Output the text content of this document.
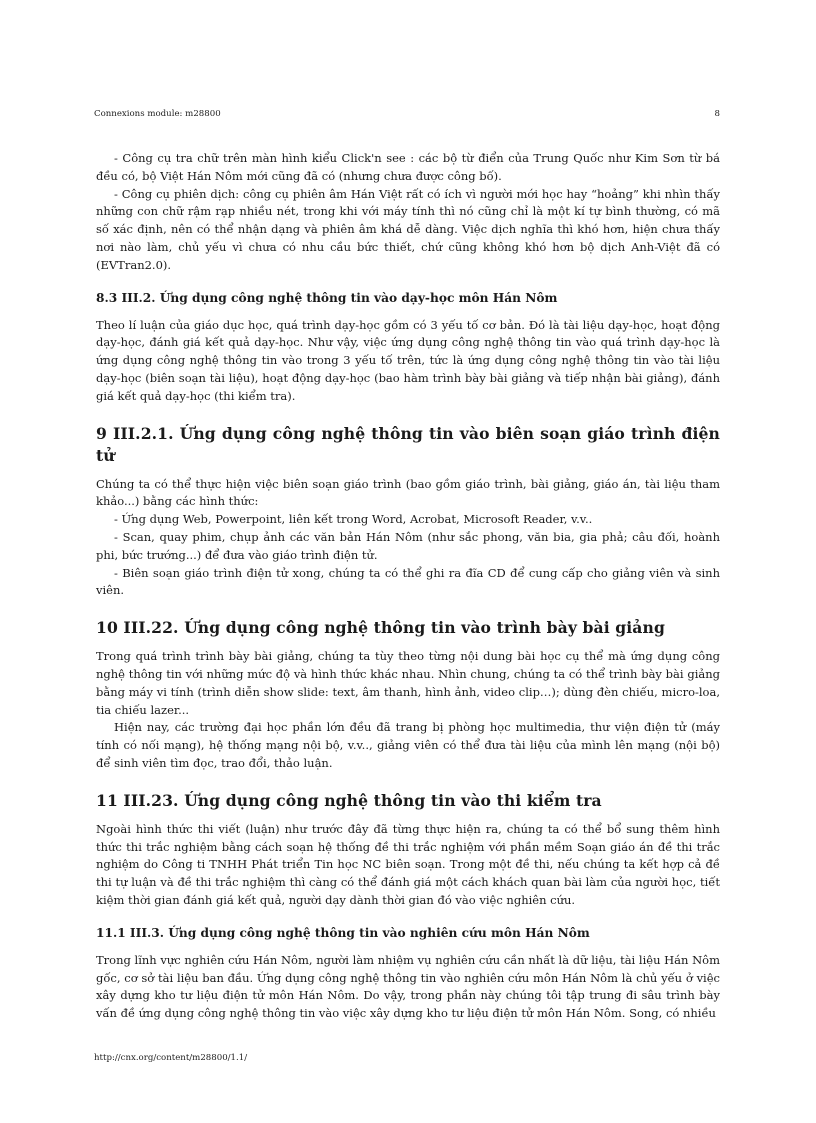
Connexions module: m28800	8

- Công cụ tra chữ trên màn hình kiểu Click'n see : các bộ từ điển của Trung Quốc như Kim Sơn từ bá đều có, bộ Việt Hán Nôm mới cũng đã có (nhưng chưa được công bố).

- Công cụ phiên dịch: công cụ phiên âm Hán Việt rất có ích vì người mới học hay “hoảng” khi nhìn thấy những con chữ rậm rạp nhiều nét, trong khi với máy tính thì nó cũng chỉ là một kí tự bình thường, có mã số xác định, nên có thể nhận dạng và phiên âm khá dễ dàng. Việc dịch nghĩa thì khó hơn, hiện chưa thấy nơi nào làm, chủ yếu vì chưa có nhu cầu bức thiết, chứ cũng không khó hơn bộ dịch Anh-Việt đã có (EVTran2.0).

8.3 III.2. Ứng dụng công nghệ thông tin vào dạy-học môn Hán Nôm

Theo lí luận của giáo dục học, quá trình dạy-học gồm có 3 yếu tố cơ bản. Đó là tài liệu dạy-học, hoạt động dạy-học, đánh giá kết quả dạy-học. Như vậy, việc ứng dụng công nghệ thông tin vào quá trình dạy-học là ứng dụng công nghệ thông tin vào trong 3 yếu tố trên, tức là ứng dụng công nghệ thông tin vào tài liệu dạy-học (biên soạn tài liệu), hoạt động dạy-học (bao hàm trình bày bài giảng và tiếp nhận bài giảng), đánh giá kết quả dạy-học (thi kiểm tra).

9 III.2.1. Ứng dụng công nghệ thông tin vào biên soạn giáo trình điện tử

Chúng ta có thể thực hiện việc biên soạn giáo trình (bao gồm giáo trình, bài giảng, giáo án, tài liệu tham khảo...) bằng các hình thức:

- Ứng dụng Web, Powerpoint, liên kết trong Word, Acrobat, Microsoft Reader, v.v..

- Scan, quay phim, chụp ảnh các văn bản Hán Nôm (như sắc phong, văn bia, gia phả; câu đối, hoành phi, bức trướng...) để đưa vào giáo trình điện tử.

- Biên soạn giáo trình điện tử xong, chúng ta có thể ghi ra đĩa CD để cung cấp cho giảng viên và sinh viên.

10 III.22. Ứng dụng công nghệ thông tin vào trình bày bài giảng

Trong quá trình trình bày bài giảng, chúng ta tùy theo từng nội dung bài học cụ thể mà ứng dụng công nghệ thông tin với những mức độ và hình thức khác nhau. Nhìn chung, chúng ta có thể trình bày bài giảng bằng máy vi tính (trình diễn show slide: text, âm thanh, hình ảnh, video clip…); dùng đèn chiếu, micro-loa, tia chiếu lazer...

Hiện nay, các trường đại học phần lớn đều đã trang bị phòng học multimedia, thư viện điện tử (máy tính có nối mạng), hệ thống mạng nội bộ, v.v.., giảng viên có thể đưa tài liệu của mình lên mạng (nội bộ) để sinh viên tìm đọc, trao đổi, thảo luận.

11 III.23. Ứng dụng công nghệ thông tin vào thi kiểm tra

Ngoài hình thức thi viết (luận) như trước đây đã từng thực hiện ra, chúng ta có thể bổ sung thêm hình thức thi trắc nghiệm bằng cách soạn hệ thống đề thi trắc nghiệm với phần mềm Soạn giáo án đề thi trắc nghiệm do Công ti TNHH Phát triển Tin học NC biên soạn. Trong một đề thi, nếu chúng ta kết hợp cả đề thi tự luận và đề thi trắc nghiệm thì càng có thể đánh giá một cách khách quan bài làm của người học, tiết kiệm thời gian đánh giá kết quả, người dạy dành thời gian đó vào việc nghiên cứu.

11.1 III.3. Ứng dụng công nghệ thông tin vào nghiên cứu môn Hán Nôm

Trong lĩnh vực nghiên cứu Hán Nôm, người làm nhiệm vụ nghiên cứu cần nhất là dữ liệu, tài liệu Hán Nôm gốc, cơ sở tài liệu ban đầu. Ứng dụng công nghệ thông tin vào nghiên cứu môn Hán Nôm là chủ yếu ở việc xây dựng kho tư liệu điện tử môn Hán Nôm. Do vậy, trong phần này chúng tôi tập trung đi sâu trình bày vấn đề ứng dụng công nghệ thông tin vào việc xây dựng kho tư liệu điện tử môn Hán Nôm. Song, có nhiều

http://cnx.org/content/m28800/1.1/
